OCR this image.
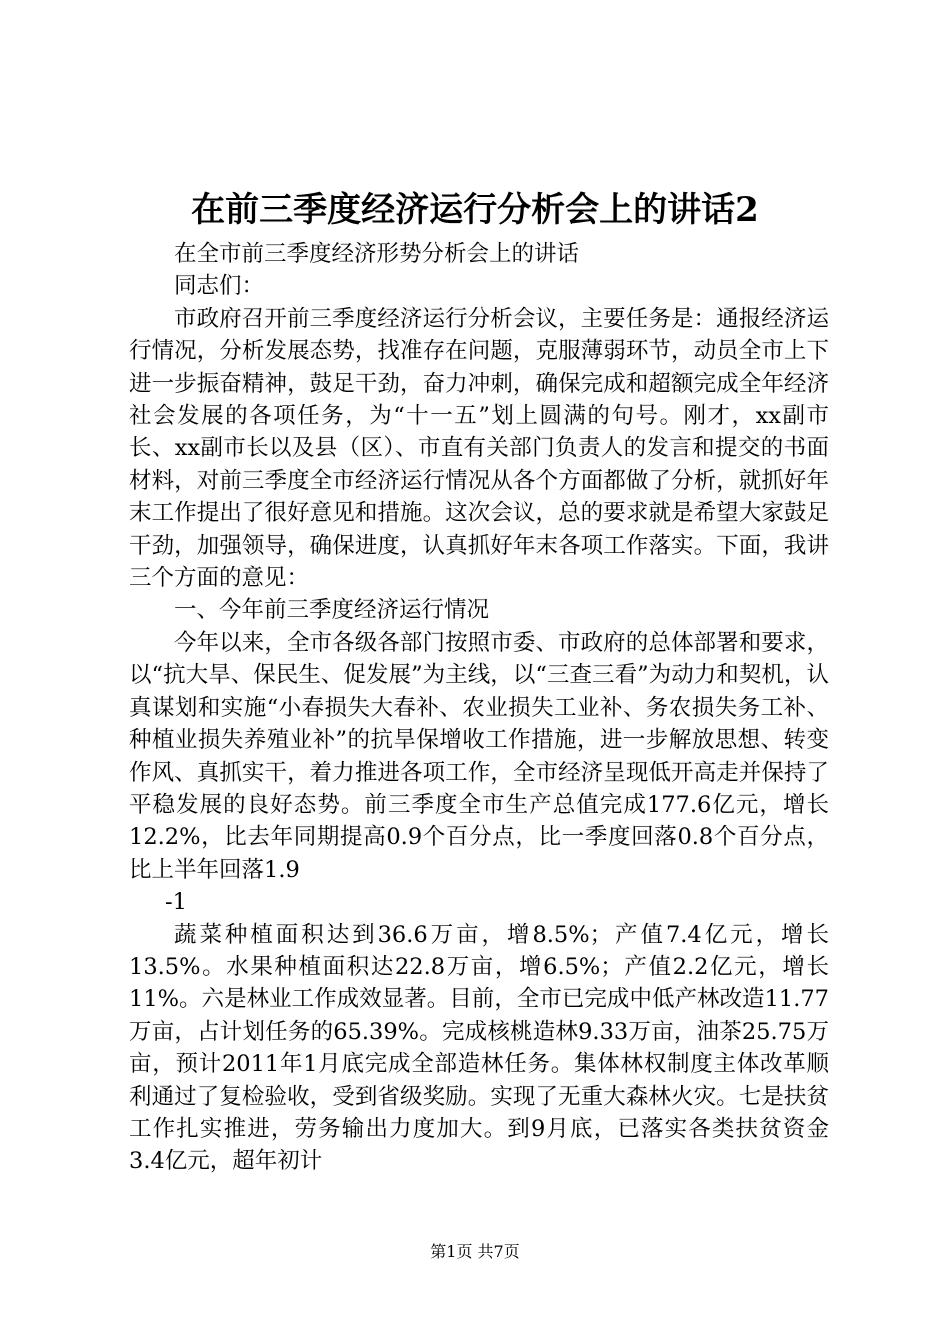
在前三季度经济运行分析会上的讲话2

在全市前三季度经济形势分析会上的讲话

同志们：

市政府召开前三季度经济运行分析会议，主要任务是：通报经济运行情况，分析发展态势，找准存在问题，克服薄弱环节，动员全市上下进一步振奋精神，鼓足干劲，奋力冲刺，确保完成和超额完成全年经济社会发展的各项任务，为“十一五”划上圆满的句号。刚才，xx副市长、xx副市长以及县（区）、市直有关部门负责人的发言和提交的书面材料，对前三季度全市经济运行情况从各个方面都做了分析，就抓好年末工作提出了很好意见和措施。这次会议，总的要求就是希望大家鼓足干劲，加强领导，确保进度，认真抓好年末各项工作落实。下面，我讲三个方面的意见：

一、今年前三季度经济运行情况

今年以来，全市各级各部门按照市委、市政府的总体部署和要求，以“抗大旱、保民生、促发展”为主线，以“三查三看”为动力和契机，认真谋划和实施“小春损失大春补、农业损失工业补、务农损失务工补、种植业损失养殖业补”的抗旱保增收工作措施，进一步解放思想、转变作风、真抓实干，着力推进各项工作，全市经济呈现低开高走并保持了平稳发展的良好态势。前三季度全市生产总值完成177.6亿元，增长12.2%，比去年同期提高0.9个百分点，比一季度回落0.8个百分点，比上半年回落1.9

-1

蔬菜种植面积达到36.6万亩，增8.5%；产值7.4亿元，增长13.5%。水果种植面积达22.8万亩，增6.5%；产值2.2亿元，增长11%。六是林业工作成效显著。目前，全市已完成中低产林改造11.77万亩，占计划任务的65.39%。完成核桃造林9.33万亩，油茶25.75万亩，预计2011年1月底完成全部造林任务。集体林权制度主体改革顺利通过了复检验收，受到省级奖励。实现了无重大森林火灾。七是扶贫工作扎实推进，劳务输出力度加大。到9月底，已落实各类扶贫资金3.4亿元，超年初计

第1页 共7页
